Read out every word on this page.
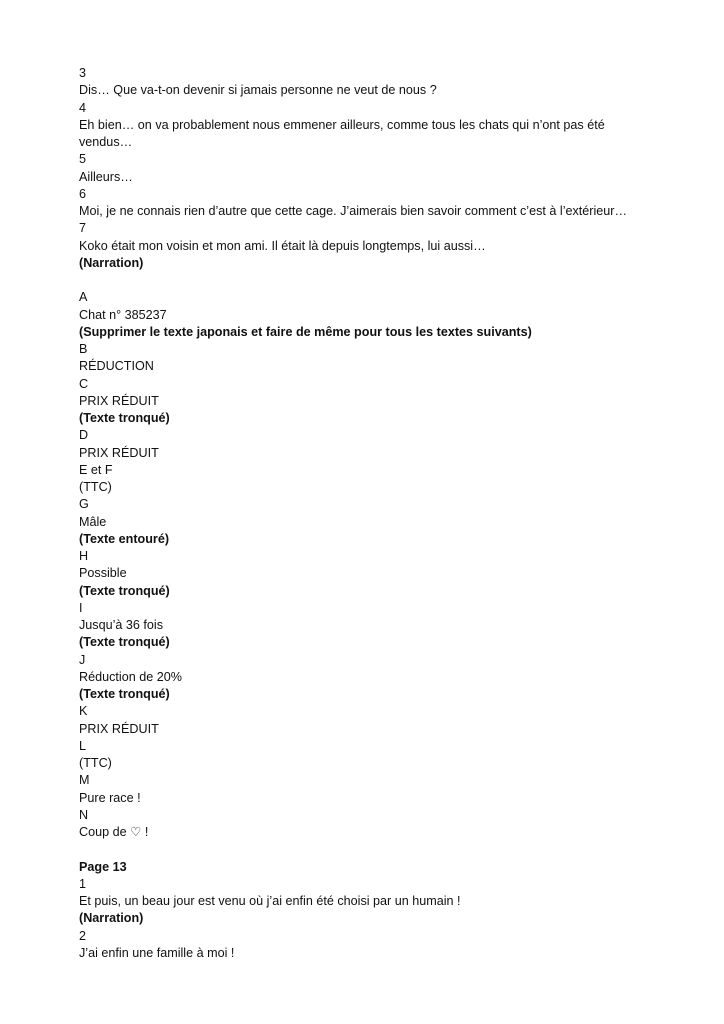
3

Dis… Que va-t-on devenir si jamais personne ne veut de nous ?

4

Eh bien… on va probablement nous emmener ailleurs, comme tous les chats qui n’ont pas été

vendus…

5

Ailleurs…

6

Moi, je ne connais rien d’autre que cette cage. J’aimerais bien savoir comment c’est à l’extérieur…

7

Koko était mon voisin et mon ami. Il était là depuis longtemps, lui aussi…

(Narration)

A

Chat n° 385237

(Supprimer le texte japonais et faire de même pour tous les textes suivants)

B

RÉDUCTION

C

PRIX RÉDUIT

(Texte tronqué)

D

PRIX RÉDUIT

E et F

(TTC)

G

Mâle

(Texte entouré)

H

Possible

(Texte tronqué)

I

Jusqu’à 36 fois

(Texte tronqué)

J

Réduction de 20%

(Texte tronqué)

K

PRIX RÉDUIT

L

(TTC)

M

Pure race !

N

Coup de ♡ !

Page 13

1

Et puis, un beau jour est venu où j’ai enfin été choisi par un humain !

(Narration)

2

J’ai enfin une famille à moi !
